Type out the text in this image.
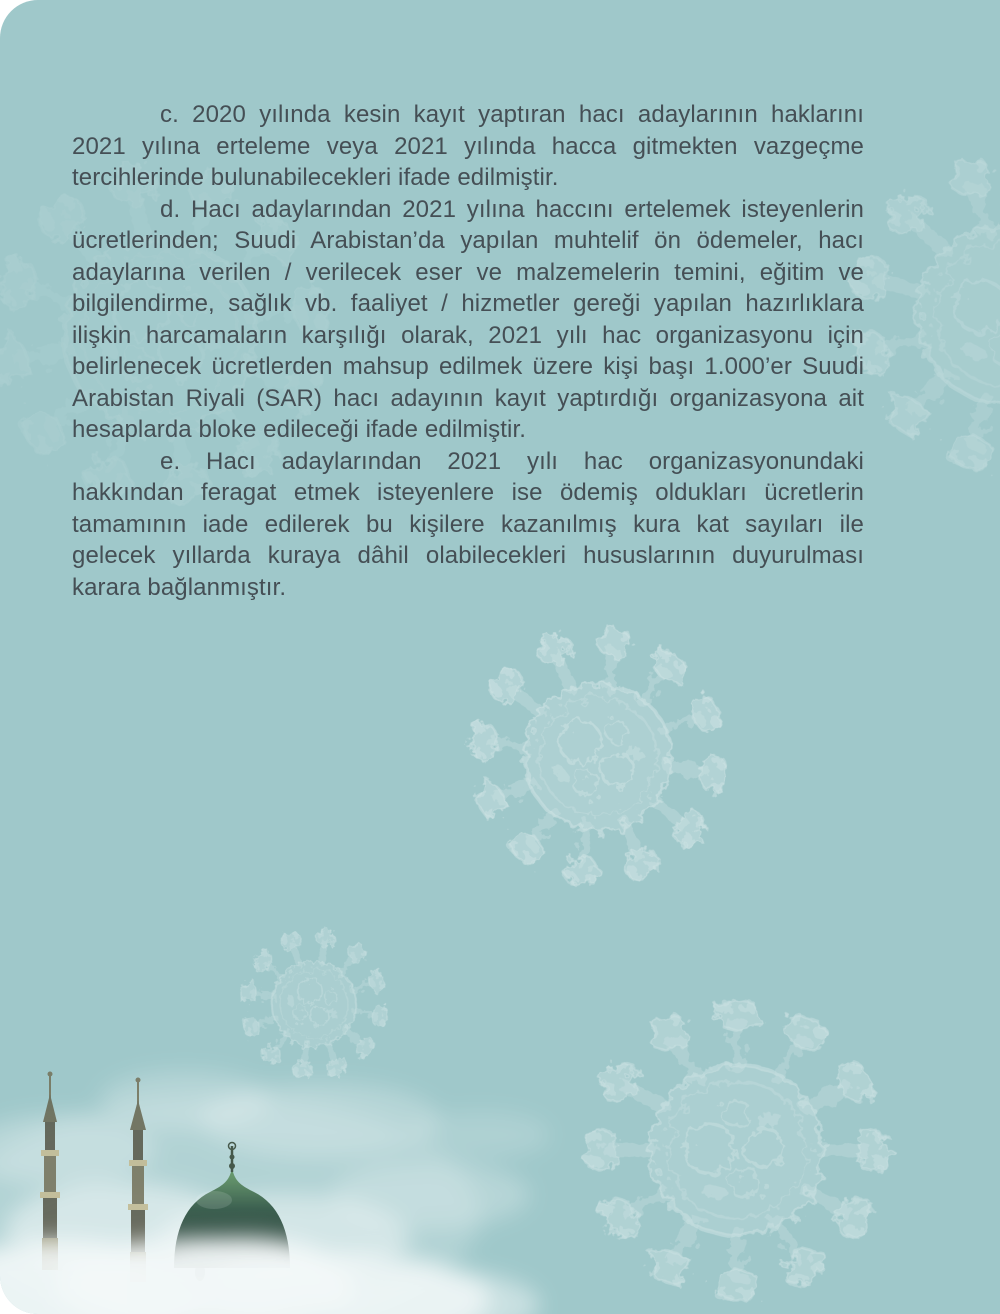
c. 2020 yılında kesin kayıt yaptıran hacı adaylarının haklarını 2021 yılına erteleme veya 2021 yılında hacca gitmekten vazgeçme tercihlerinde bulunabilecekleri ifade edilmiştir.

d. Hacı adaylarından 2021 yılına haccını ertelemek isteyenlerin ücretlerinden; Suudi Arabistan’da yapılan muhtelif ön ödemeler, hacı adaylarına verilen / verilecek eser ve malzemelerin temini, eğitim ve bilgilendirme, sağlık vb. faaliyet / hizmetler gereği yapılan hazırlıklara ilişkin harcamaların karşılığı olarak, 2021 yılı hac organizasyonu için belirlenecek ücretlerden mahsup edilmek üzere kişi başı 1.000’er Suudi Arabistan Riyali (SAR) hacı adayının kayıt yaptırdığı organizasyona ait hesaplarda bloke edileceği ifade edilmiştir.

e. Hacı adaylarından 2021 yılı hac organizasyonundaki hakkından feragat etmek isteyenlere ise ödemiş oldukları ücretlerin tamamının iade edilerek bu kişilere kazanılmış kura kat sayıları ile gelecek yıllarda kuraya dâhil olabilecekleri hususlarının duyurulması karara bağlanmıştır.
